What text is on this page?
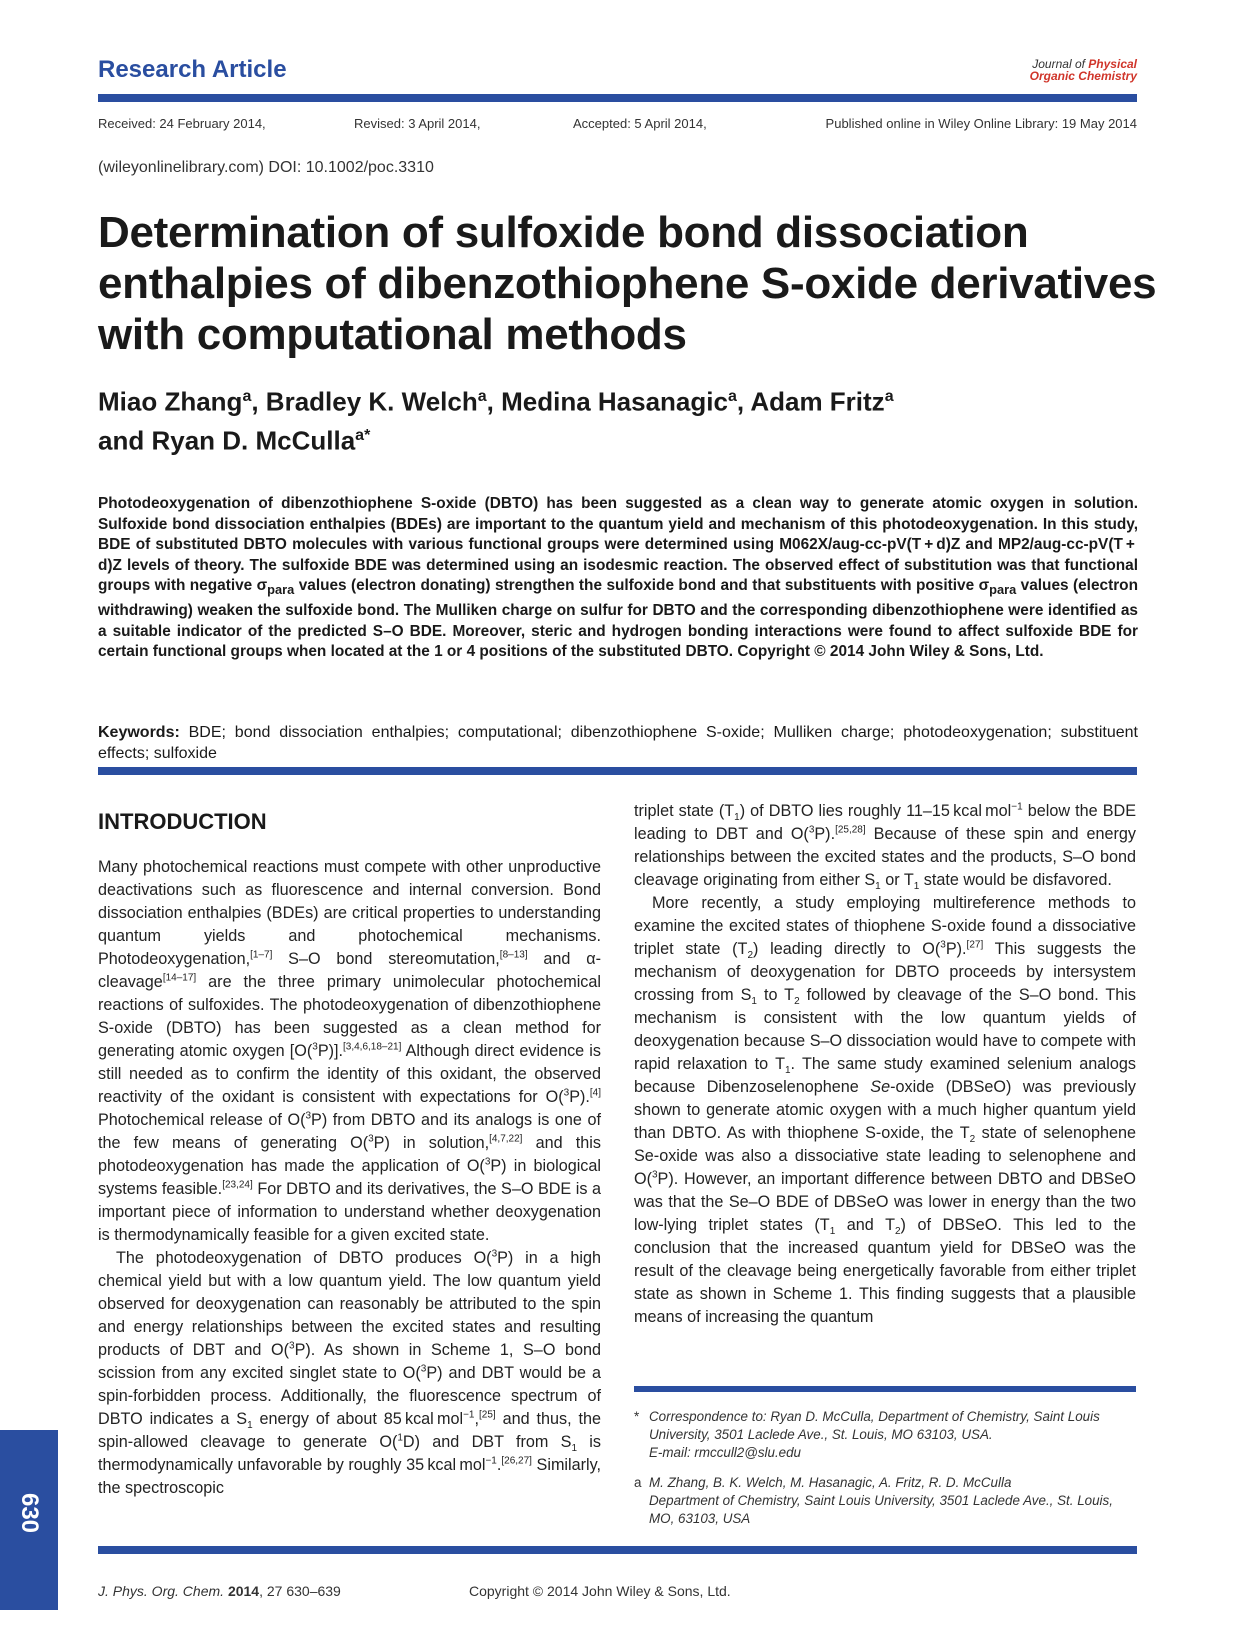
Research Article	Journal of Physical
Organic Chemistry
Received: 24 February 2014,	Revised: 3 April 2014,	Accepted: 5 April 2014,	Published online in Wiley Online Library: 19 May 2014
(wileyonlinelibrary.com) DOI: 10.1002/poc.3310
Determination of sulfoxide bond dissociation enthalpies of dibenzothiophene S-oxide derivatives with computational methods
Miao Zhang$^a$, Bradley K. Welch$^a$, Medina Hasanagic$^a$, Adam Fritz$^a$
and Ryan D. McCulla$^{a*}$
Photodeoxygenation of dibenzothiophene S-oxide (DBTO) has been suggested as a clean way to generate atomic oxygen in solution. Sulfoxide bond dissociation enthalpies (BDEs) are important to the quantum yield and mechanism of this photodeoxygenation. In this study, BDE of substituted DBTO molecules with various functional groups were determined using M062X/aug-cc-pV(T + d)Z and MP2/aug-cc-pV(T + d)Z levels of theory. The sulfoxide BDE was determined using an isodesmic reaction. The observed effect of substitution was that functional groups with negative $\sigma_{para}$ values (electron donating) strengthen the sulfoxide bond and that substituents with positive $\sigma_{para}$ values (electron withdrawing) weaken the sulfoxide bond. The Mulliken charge on sulfur for DBTO and the corresponding dibenzothiophene were identified as a suitable indicator of the predicted S–O BDE. Moreover, steric and hydrogen bonding interactions were found to affect sulfoxide BDE for certain functional groups when located at the 1 or 4 positions of the substituted DBTO. Copyright © 2014 John Wiley & Sons, Ltd.
Keywords: BDE; bond dissociation enthalpies; computational; dibenzothiophene S-oxide; Mulliken charge; photodeoxygenation; substituent effects; sulfoxide
INTRODUCTION

Many photochemical reactions must compete with other unproductive deactivations such as fluorescence and internal conversion. Bond dissociation enthalpies (BDEs) are critical properties to understanding quantum yields and photochemical mechanisms. Photodeoxygenation,[1–7] S–O bond stereomutation,[8–13] and α-cleavage[14–17] are the three primary unimolecular photochemical reactions of sulfoxides. The photodeoxygenation of dibenzothiophene S-oxide (DBTO) has been suggested as a clean method for generating atomic oxygen [O($^3$P)].[3,4,6,18–21] Although direct evidence is still needed as to confirm the identity of this oxidant, the observed reactivity of the oxidant is consistent with expectations for O($^3$P).[4] Photochemical release of O($^3$P) from DBTO and its analogs is one of the few means of generating O($^3$P) in solution,[4,7,22] and this photodeoxygenation has made the application of O($^3$P) in biological systems feasible.[23,24] For DBTO and its derivatives, the S–O BDE is a important piece of information to understand whether deoxygenation is thermodynamically feasible for a given excited state.

The photodeoxygenation of DBTO produces O($^3$P) in a high chemical yield but with a low quantum yield. The low quantum yield observed for deoxygenation can reasonably be attributed to the spin and energy relationships between the excited states and resulting products of DBT and O($^3$P). As shown in Scheme 1, S–O bond scission from any excited singlet state to O($^3$P) and DBT would be a spin-forbidden process. Additionally, the fluorescence spectrum of DBTO indicates a $S_1$ energy of about 85 kcal mol$^{-1}$,[25] and thus, the spin-allowed cleavage to generate O($^1$D) and DBT from $S_1$ is thermodynamically unfavorable by roughly 35 kcal mol$^{-1}$.[26,27] Similarly, the spectroscopic

triplet state $(T_1)$ of DBTO lies roughly 11–15 kcal mol$^{-1}$ below the BDE leading to DBT and O($^3$P).[25,28] Because of these spin and energy relationships between the excited states and the products, S–O bond cleavage originating from either $S_1$ or $T_1$ state would be disfavored.

More recently, a study employing multireference methods to examine the excited states of thiophene S-oxide found a dissociative triplet state $(T_2)$ leading directly to O($^3$P).[27] This suggests the mechanism of deoxygenation for DBTO proceeds by intersystem crossing from $S_1$ to $T_2$ followed by cleavage of the S–O bond. This mechanism is consistent with the low quantum yields of deoxygenation because S–O dissociation would have to compete with rapid relaxation to $T_1$. The same study examined selenium analogs because Dibenzoselenophene Se-oxide (DBSeO) was previously shown to generate atomic oxygen with a much higher quantum yield than DBTO. As with thiophene S-oxide, the $T_2$ state of selenophene Se-oxide was also a dissociative state leading to selenophene and O($^3$P). However, an important difference between DBTO and DBSeO was that the Se–O BDE of DBSeO was lower in energy than the two low-lying triplet states ($T_1$ and $T_2$) of DBSeO. This led to the conclusion that the increased quantum yield for DBSeO was the result of the cleavage being energetically favorable from either triplet state as shown in Scheme 1. This finding suggests that a plausible means of increasing the quantum

* Correspondence to: Ryan D. McCulla, Department of Chemistry, Saint Louis University, 3501 Laclede Ave., St. Louis, MO 63103, USA.
E-mail: rmccull2@slu.edu
a M. Zhang, B. K. Welch, M. Hasanagic, A. Fritz, R. D. McCulla
Department of Chemistry, Saint Louis University, 3501 Laclede Ave., St. Louis, MO, 63103, USA
J. Phys. Org. Chem. 2014, 27 630–639	Copyright © 2014 John Wiley & Sons, Ltd.
630
